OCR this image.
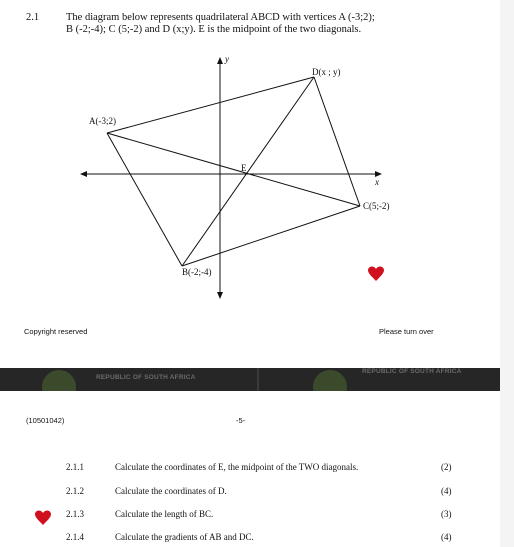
2.1	The diagram below represents quadrilateral ABCD with vertices A (-3;2);
B (-2;-4); C (5;-2) and D (x;y). E is the midpoint of the two diagonals.
y
x
A(-3;2)
B(-2;-4)
C(5;-2)
D(x ; y)
E
Copyright reserved	Please turn over
REPUBLIC OF SOUTH AFRICA
REPUBLIC OF SOUTH AFRICA
(10501042)	-5-
2.1.1	Calculate the coordinates of E, the midpoint of the TWO diagonals.	(2)
2.1.2	Calculate the coordinates of D.	(4)
2.1.3	Calculate the length of BC.	(3)
2.1.4	Calculate the gradients of AB and DC.	(4)
